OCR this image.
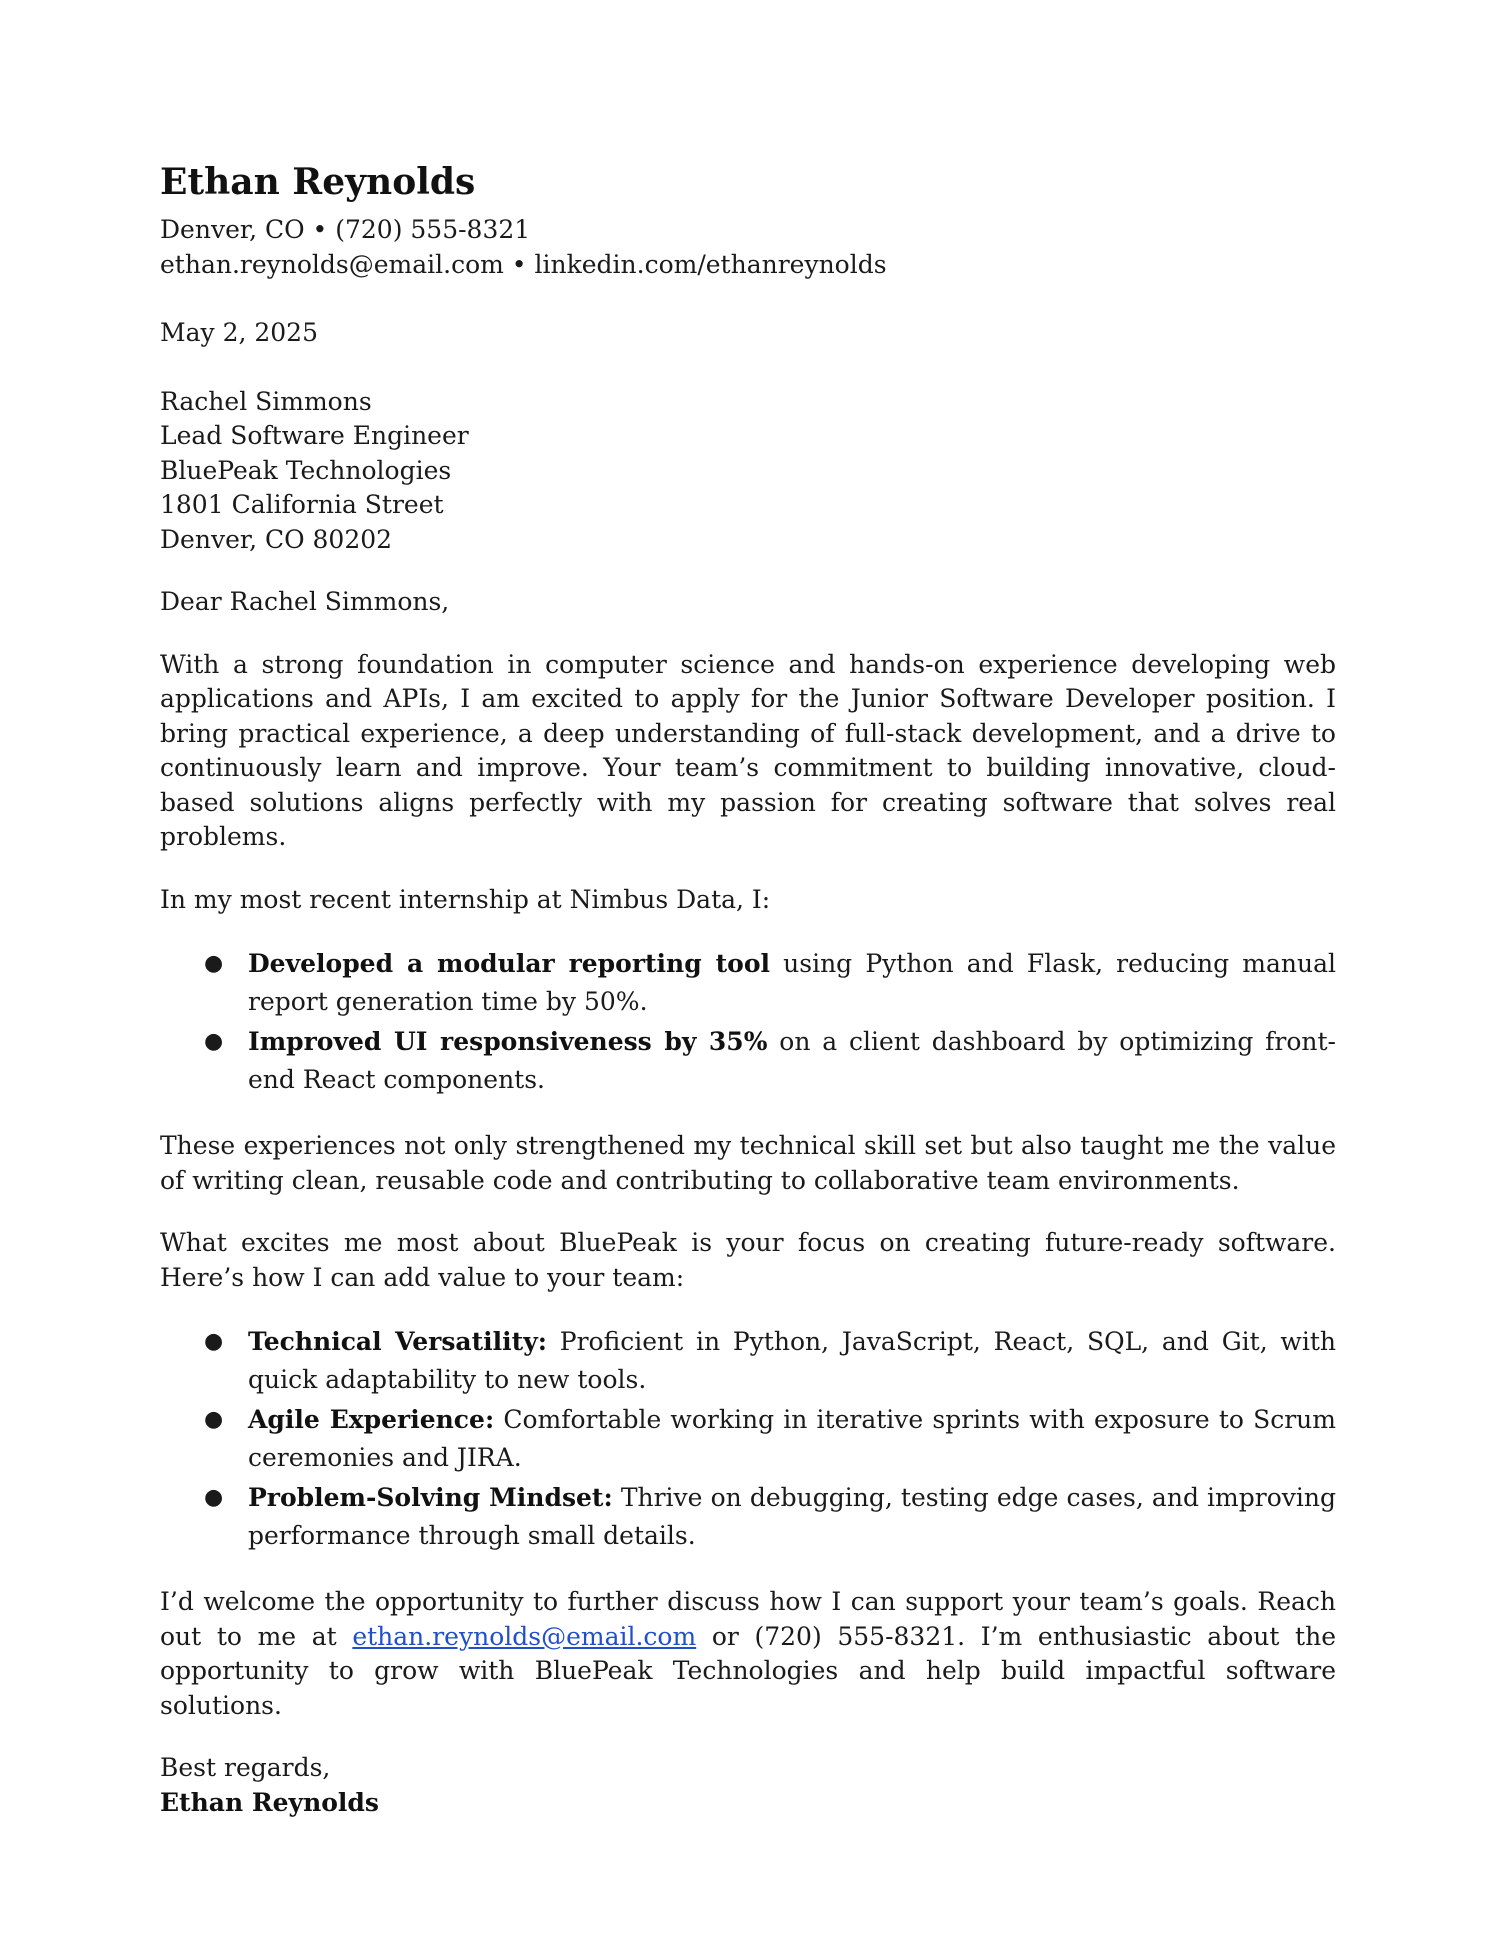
Ethan Reynolds
Denver, CO • (720) 555-8321
ethan.reynolds@email.com • linkedin.com/ethanreynolds
May 2, 2025
Rachel Simmons
Lead Software Engineer
BluePeak Technologies
1801 California Street
Denver, CO 80202
Dear Rachel Simmons,

With a strong foundation in computer science and hands-on experience developing web applications and APIs, I am excited to apply for the Junior Software Developer position. I bring practical experience, a deep understanding of full-stack development, and a drive to continuously learn and improve. Your team’s commitment to building innovative, cloud-based solutions aligns perfectly with my passion for creating software that solves real problems.

In my most recent internship at Nimbus Data, I:

● Developed a modular reporting tool using Python and Flask, reducing manual report generation time by 50%.
● Improved UI responsiveness by 35% on a client dashboard by optimizing front-end React components.

These experiences not only strengthened my technical skill set but also taught me the value of writing clean, reusable code and contributing to collaborative team environments.

What excites me most about BluePeak is your focus on creating future-ready software. Here’s how I can add value to your team:

● Technical Versatility: Proficient in Python, JavaScript, React, SQL, and Git, with quick adaptability to new tools.
● Agile Experience: Comfortable working in iterative sprints with exposure to Scrum ceremonies and JIRA.
● Problem-Solving Mindset: Thrive on debugging, testing edge cases, and improving performance through small details.

I’d welcome the opportunity to further discuss how I can support your team’s goals. Reach out to me at ethan.reynolds@email.com or (720) 555-8321. I’m enthusiastic about the opportunity to grow with BluePeak Technologies and help build impactful software solutions.

Best regards,
Ethan Reynolds
